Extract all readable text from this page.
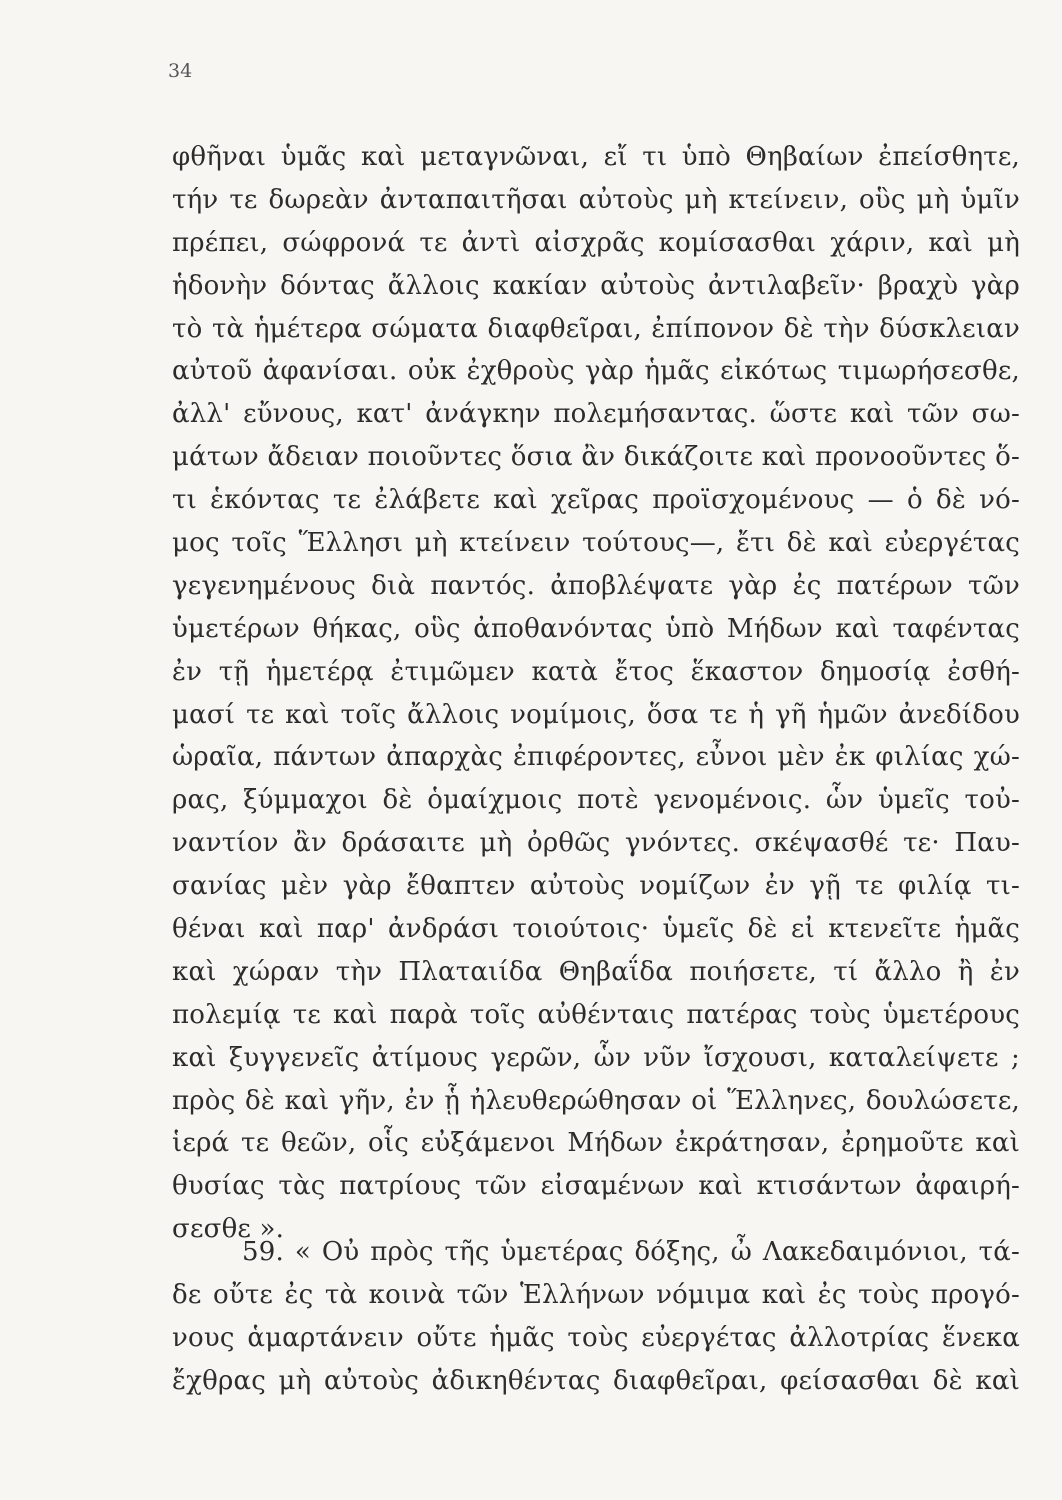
34
φθῆναι ὑμᾶς καὶ μεταγνῶναι, εἴ τι ὑπὸ Θηβαίων ἐπείσθητε,
τήν τε δωρεὰν ἀνταπαιτῆσαι αὐτοὺς μὴ κτείνειν, οὓς μὴ ὑμῖν
πρέπει, σώφρονά τε ἀντὶ αἰσχρᾶς κομίσασθαι χάριν, καὶ μὴ
ἡδονὴν δόντας ἄλλοις κακίαν αὐτοὺς ἀντιλαβεῖν· βραχὺ γὰρ
τὸ τὰ ἡμέτερα σώματα διαφθεῖραι, ἐπίπονον δὲ τὴν δύσκλειαν
αὐτοῦ ἀφανίσαι. οὐκ ἐχθροὺς γὰρ ἡμᾶς εἰκότως τιμωρήσεσθε,
ἀλλ' εὔνους, κατ' ἀνάγκην πολεμήσαντας. ὥστε καὶ τῶν σω-
μάτων ἄδειαν ποιοῦντες ὅσια ἂν δικάζοιτε καὶ προνοοῦντες ὅ-
τι ἑκόντας τε ἐλάβετε καὶ χεῖρας προϊσχομένους — ὁ δὲ νό-
μος τοῖς Ἕλλησι μὴ κτείνειν τούτους—, ἔτι δὲ καὶ εὐεργέτας
γεγενημένους διὰ παντός. ἀποβλέψατε γὰρ ἐς πατέρων τῶν
ὑμετέρων θήκας, οὓς ἀποθανόντας ὑπὸ Μήδων καὶ ταφέντας
ἐν τῇ ἡμετέρᾳ ἐτιμῶμεν κατὰ ἔτος ἕκαστον δημοσίᾳ ἐσθή-
μασί τε καὶ τοῖς ἄλλοις νομίμοις, ὅσα τε ἡ γῆ ἡμῶν ἀνεδίδου
ὡραῖα, πάντων ἀπαρχὰς ἐπιφέροντες, εὖνοι μὲν ἐκ φιλίας χώ-
ρας, ξύμμαχοι δὲ ὁμαίχμοις ποτὲ γενομένοις. ὧν ὑμεῖς τοὐ-
ναντίον ἂν δράσαιτε μὴ ὀρθῶς γνόντες. σκέψασθέ τε· Παυ-
σανίας μὲν γὰρ ἔθαπτεν αὐτοὺς νομίζων ἐν γῇ τε φιλίᾳ τι-
θέναι καὶ παρ' ἀνδράσι τοιούτοις· ὑμεῖς δὲ εἰ κτενεῖτε ἡμᾶς
καὶ χώραν τὴν Πλαταιίδα Θηβαΐδα ποιήσετε, τί ἄλλο ἢ ἐν
πολεμίᾳ τε καὶ παρὰ τοῖς αὐθένταις πατέρας τοὺς ὑμετέρους
καὶ ξυγγενεῖς ἀτίμους γερῶν, ὧν νῦν ἴσχουσι, καταλείψετε ;
πρὸς δὲ καὶ γῆν, ἐν ᾗ ἠλευθερώθησαν οἱ Ἕλληνες, δουλώσετε,
ἱερά τε θεῶν, οἷς εὐξάμενοι Μήδων ἐκράτησαν, ἐρημοῦτε καὶ
θυσίας τὰς πατρίους τῶν εἰσαμένων καὶ κτισάντων ἀφαιρή-
σεσθε ».
59. « Οὐ πρὸς τῆς ὑμετέρας δόξης, ὦ Λακεδαιμόνιοι, τά-
δε οὔτε ἐς τὰ κοινὰ τῶν Ἑλλήνων νόμιμα καὶ ἐς τοὺς προγό-
νους ἁμαρτάνειν οὔτε ἡμᾶς τοὺς εὐεργέτας ἀλλοτρίας ἕνεκα
ἔχθρας μὴ αὐτοὺς ἀδικηθέντας διαφθεῖραι, φείσασθαι δὲ καὶ
